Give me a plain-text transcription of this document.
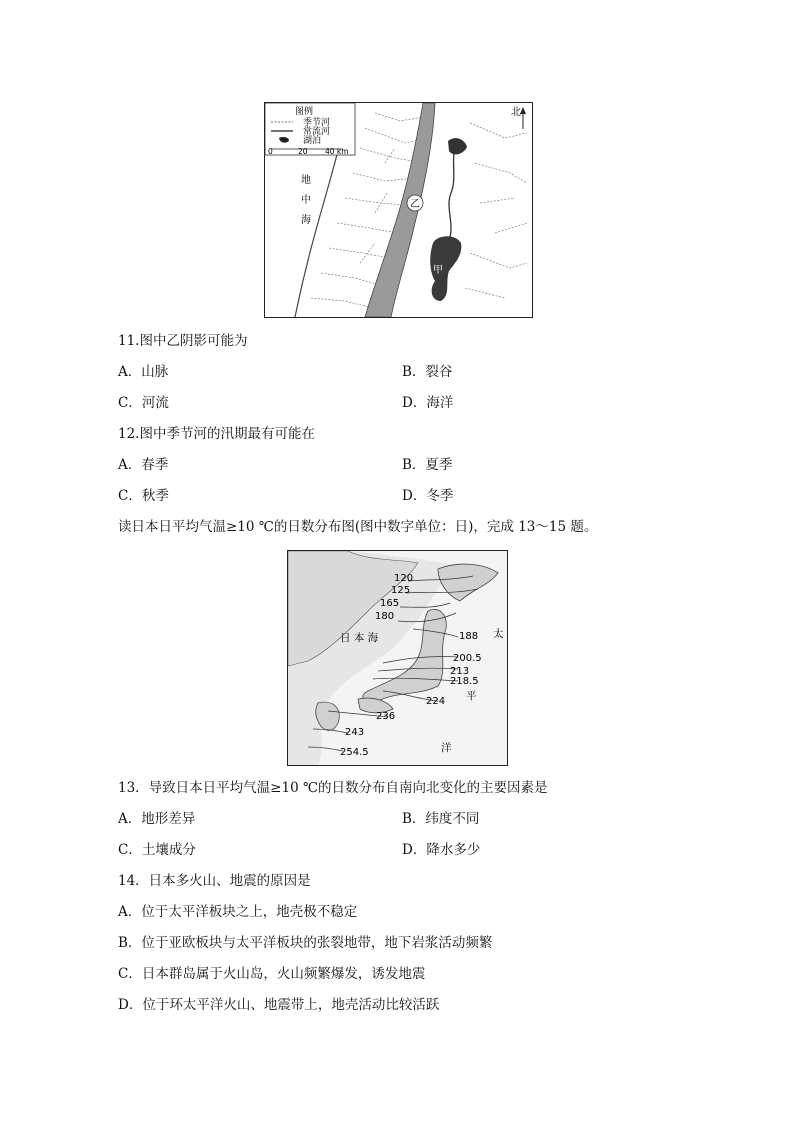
图例
季节河
常流河
湖泊
0	20 40 km
北
地
中
海
乙
甲
11.图中乙阴影可能为
A．山脉	B．裂谷
C．河流	D．海洋
12.图中季节河的汛期最有可能在
A．春季	B．夏季
C．秋季	D．冬季
读日本日平均气温≥10 ℃的日数分布图(图中数字单位：日)，完成 13～15 题。
120
125
165
180
188
200.5
213
218.5
224
236
243
254.5
日 本 海	太
平
洋
13．导致日本日平均气温≥10 ℃的日数分布自南向北变化的主要因素是
A．地形差异	B．纬度不同
C．土壤成分	D．降水多少
14．日本多火山、地震的原因是
A．位于太平洋板块之上，地壳极不稳定
B．位于亚欧板块与太平洋板块的张裂地带，地下岩浆活动频繁
C．日本群岛属于火山岛，火山频繁爆发，诱发地震
D．位于环太平洋火山、地震带上，地壳活动比较活跃
